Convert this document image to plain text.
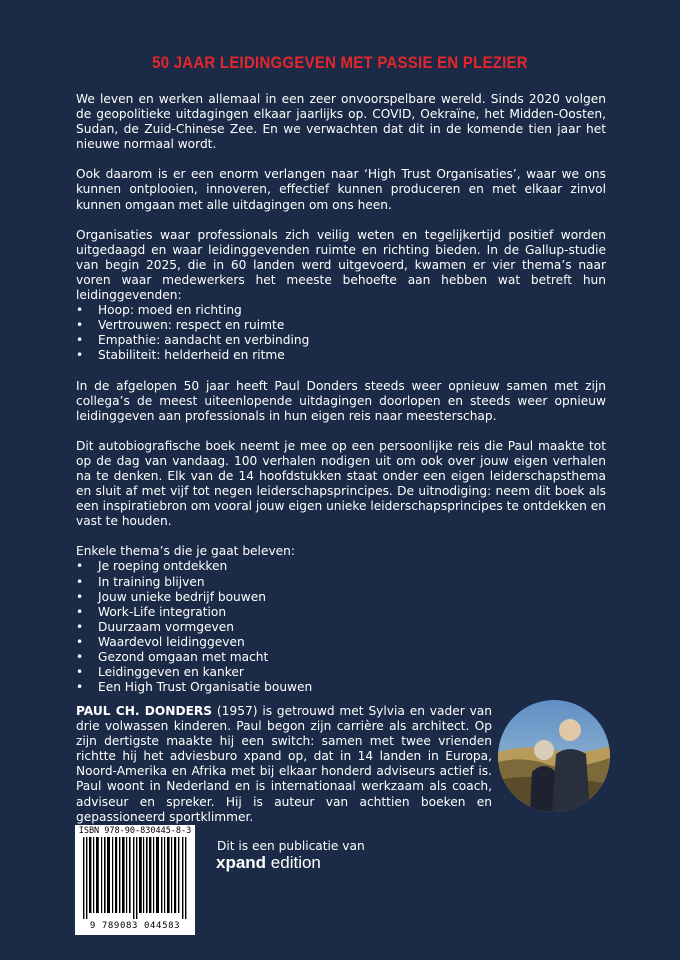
50 JAAR LEIDINGGEVEN MET PASSIE EN PLEZIER

We leven en werken allemaal in een zeer onvoorspelbare wereld. Sinds 2020 volgen de geopolitieke uitdagingen elkaar jaarlijks op. COVID, Oekraïne, het Midden-Oosten, Sudan, de Zuid-Chinese Zee. En we verwachten dat dit in de komende tien jaar het nieuwe normaal wordt.

Ook daarom is er een enorm verlangen naar ‘High Trust Organisaties’, waar we ons kunnen ontplooien, innoveren, effectief kunnen produceren en met elkaar zinvol kunnen omgaan met alle uitdagingen om ons heen.

Organisaties waar professionals zich veilig weten en tegelijkertijd positief worden uitgedaagd en waar leidinggevenden ruimte en richting bieden. In de Gallup-studie van begin 2025, die in 60 landen werd uitgevoerd, kwamen er vier thema’s naar voren waar medewerkers het meeste behoefte aan hebben wat betreft hun leidinggevenden:

• Hoop: moed en richting
• Vertrouwen: respect en ruimte
• Empathie: aandacht en verbinding
• Stabiliteit: helderheid en ritme

In de afgelopen 50 jaar heeft Paul Donders steeds weer opnieuw samen met zijn collega’s de meest uiteenlopende uitdagingen doorlopen en steeds weer opnieuw leidinggeven aan professionals in hun eigen reis naar meesterschap.

Dit autobiografische boek neemt je mee op een persoonlijke reis die Paul maakte tot op de dag van vandaag. 100 verhalen nodigen uit om ook over jouw eigen verhalen na te denken. Elk van de 14 hoofdstukken staat onder een eigen leiderschapsthema en sluit af met vijf tot negen leiderschapsprincipes. De uitnodiging: neem dit boek als een inspiratiebron om vooral jouw eigen unieke leiderschapsprincipes te ontdekken en vast te houden.

Enkele thema’s die je gaat beleven:

• Je roeping ontdekken
• In training blijven
• Jouw unieke bedrijf bouwen
• Work-Life integration
• Duurzaam vormgeven
• Waardevol leidinggeven
• Gezond omgaan met macht
• Leidinggeven en kanker
• Een High Trust Organisatie bouwen
PAUL CH. DONDERS (1957) is getrouwd met Sylvia en vader van drie volwassen kinderen. Paul begon zijn carrière als architect. Op zijn dertigste maakte hij een switch: samen met twee vrienden richtte hij het adviesburo xpand op, dat in 14 landen in Europa, Noord-Amerika en Afrika met bij elkaar honderd adviseurs actief is. Paul woont in Nederland en is internationaal werkzaam als coach, adviseur en spreker. Hij is auteur van achttien boeken en gepassioneerd sportklimmer.
ISBN 978-90-830445-8-3
9 789083 044583
Dit is een publicatie van
xpand edition
